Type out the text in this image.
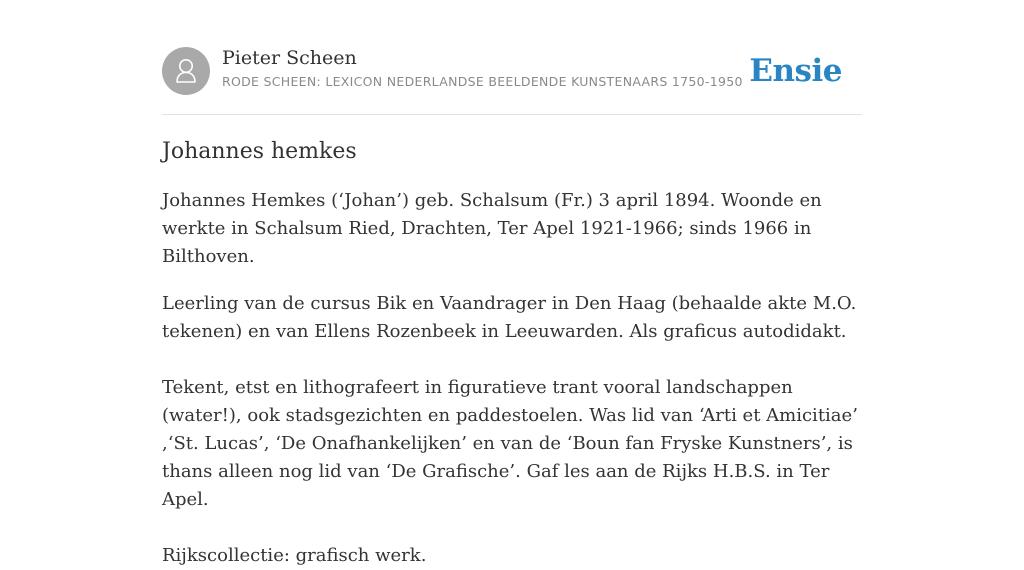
Pieter Scheen
RODE SCHEEN: LEXICON NEDERLANDSE BEELDENDE KUNSTENAARS 1750-1950 Ensie
Johannes hemkes

Johannes Hemkes (‘Johan’) geb. Schalsum (Fr.) 3 april 1894. Woonde en werkte in Schalsum Ried, Drachten, Ter Apel 1921-1966; sinds 1966 in Bilthoven.

Leerling van de cursus Bik en Vaandrager in Den Haag (behaalde akte M.O. tekenen) en van Ellens Rozenbeek in Leeuwarden. Als graficus autodidakt.

Tekent, etst en lithografeert in figuratieve trant vooral landschappen (water!), ook stadsgezichten en paddestoelen. Was lid van ‘Arti et Amicitiae’ ,‘St. Lucas’, ‘De Onafhankelijken’ en van de ‘Boun fan Fryske Kunstners’, is thans alleen nog lid van ‘De Grafische’. Gaf les aan de Rijks H.B.S. in Ter Apel.

Rijkscollectie: grafisch werk.
